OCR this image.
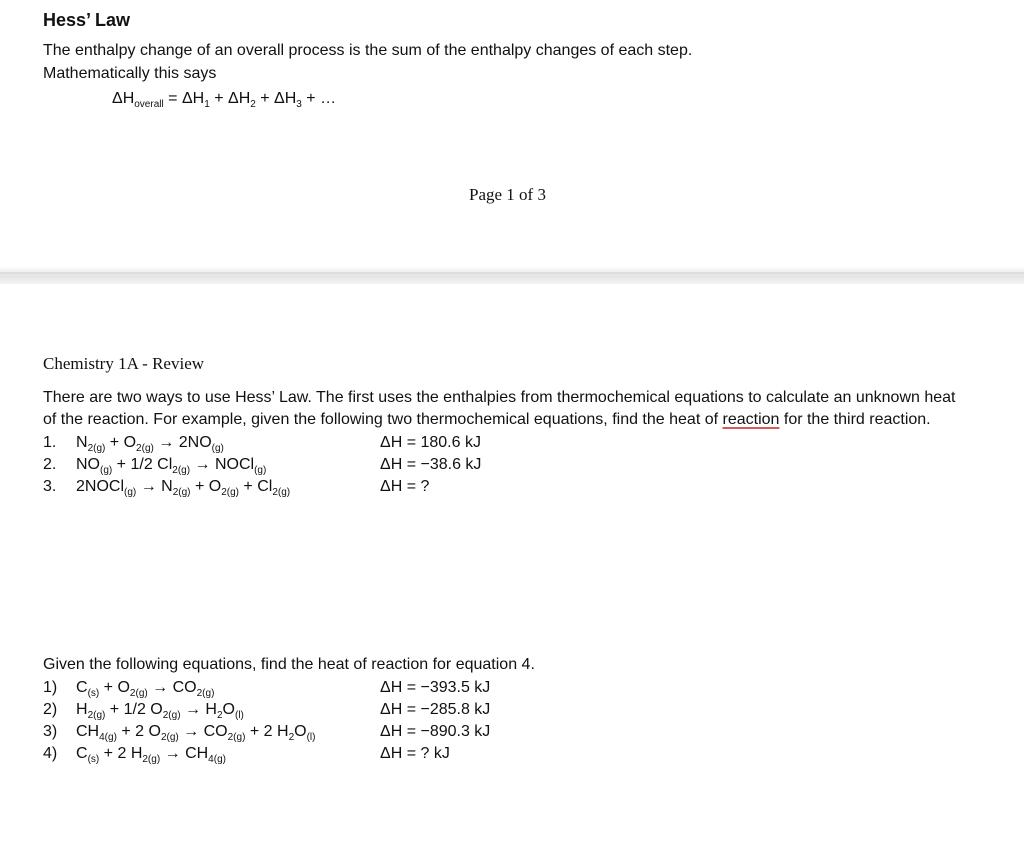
Hess’ Law
The enthalpy change of an overall process is the sum of the enthalpy changes of each step.
Mathematically this says
$\Delta H_{overall} = \Delta H_1 + \Delta H_2 + \Delta H_3$ + …
Page 1 of 3
Chemistry 1A - Review
There are two ways to use Hess’ Law. The first uses the enthalpies from thermochemical equations to calculate an unknown heat
of the reaction. For example, given the following two thermochemical equations, find the heat of reaction for the third reaction.
1. $N_{2(g)} + O_{2(g)} \to 2NO_{(g)}$	ΔH = 180.6 kJ
2. $NO_{(g)} + 1/2$ $Cl_{2(g)}$ → NOCl$_{(g)}$	ΔH = −38.6 kJ
3. 2NOCl$_{(g)}$ → $N_{2(g)} + O_{2(g)} + Cl_{2(g)}$	ΔH = ?
Given the following equations, find the heat of reaction for equation 4.
1) $C_{(s)} + O_{2(g)} \to CO_{2(g)}$	ΔH = −393.5 kJ
2) $H_{2(g)} + 1/2$ $O_{2(g)} \to H_2O_{(l)}$	ΔH = −285.8 kJ
3) $CH_{4(g)} + 2$ $O_{2(g)} \to CO_{2(g)} + 2$ $H_2O_{(l)}$	ΔH = −890.3 kJ
4) $C_{(s)} + 2$ $H_{2(g)} \to CH_{4(g)}$	ΔH = ? kJ
